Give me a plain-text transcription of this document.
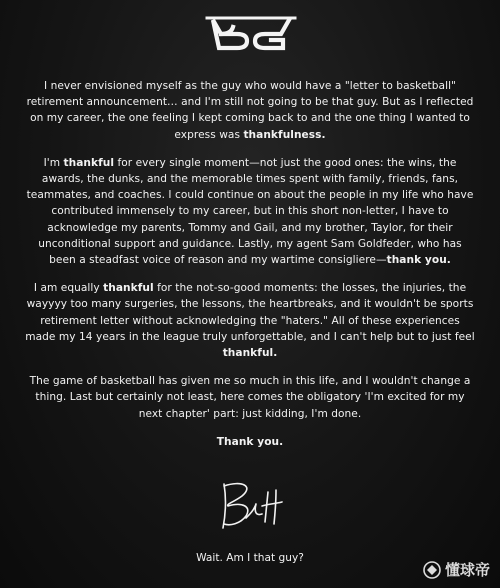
I never envisioned myself as the guy who would have a "letter to basketball" retirement announcement… and I'm still not going to be that guy. But as I reflected on my career, the one feeling I kept coming back to and the one thing I wanted to express was thankfulness.

I'm thankful for every single moment—not just the good ones: the wins, the awards, the dunks, and the memorable times spent with family, friends, fans, teammates, and coaches. I could continue on about the people in my life who have contributed immensely to my career, but in this short non-letter, I have to acknowledge my parents, Tommy and Gail, and my brother, Taylor, for their unconditional support and guidance. Lastly, my agent Sam Goldfeder, who has been a steadfast voice of reason and my wartime consigliere—thank you.

I am equally thankful for the not-so-good moments: the losses, the injuries, the wayyyy too many surgeries, the lessons, the heartbreaks, and it wouldn't be sports retirement letter without acknowledging the "haters." All of these experiences made my 14 years in the league truly unforgettable, and I can't help but to just feel thankful.

The game of basketball has given me so much in this life, and I wouldn't change a thing. Last but certainly not least, here comes the obligatory 'I'm excited for my next chapter' part: just kidding, I'm done.

Thank you.

Wait. Am I that guy?
懂球帝
